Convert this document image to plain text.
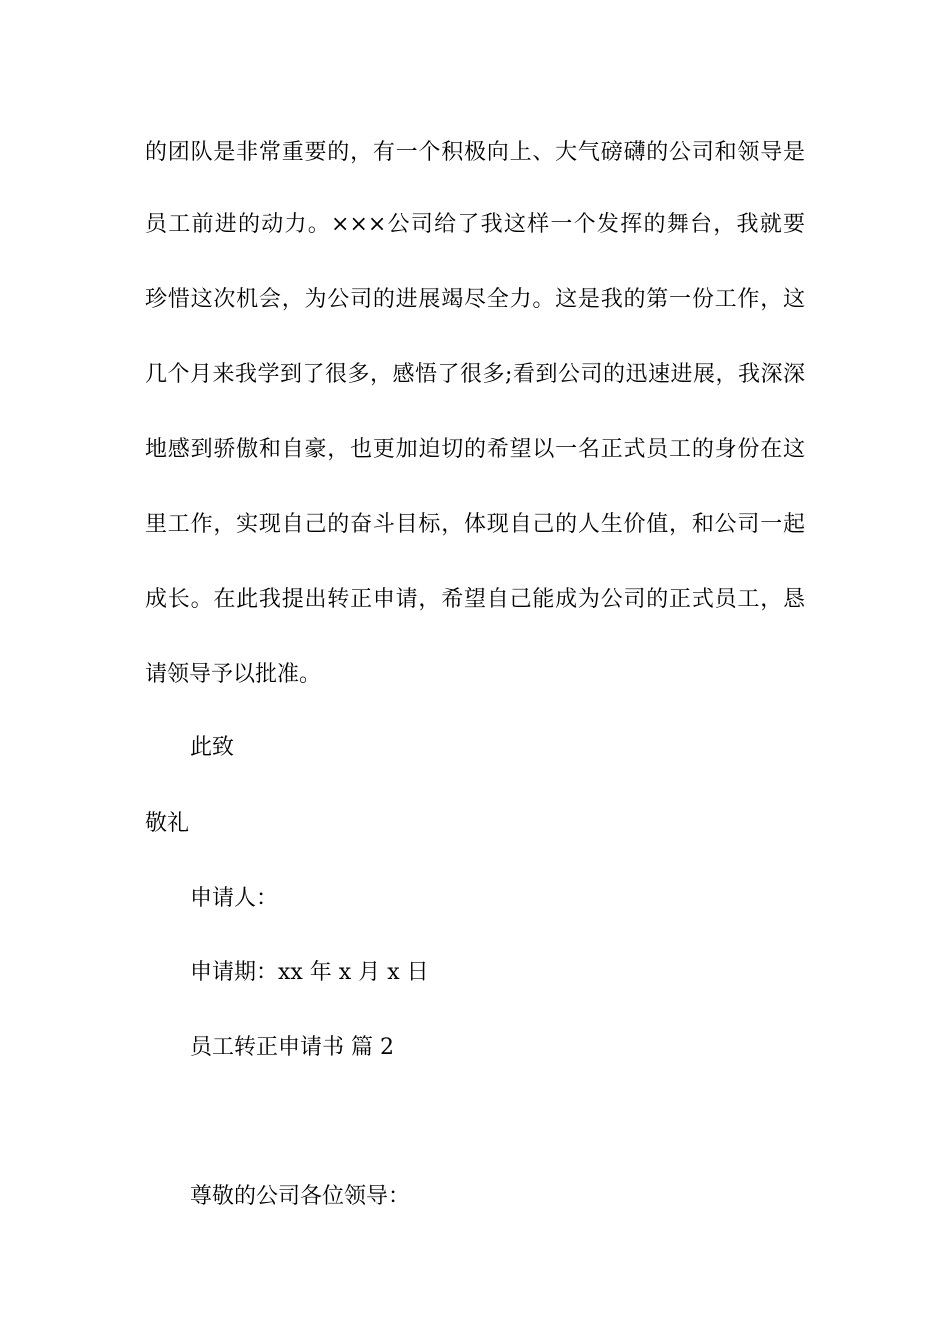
的团队是非常重要的，有一个积极向上、大气磅礴的公司和领导是
员工前进的动力。×××公司给了我这样一个发挥的舞台，我就要
珍惜这次机会，为公司的进展竭尽全力。这是我的第一份工作，这
几个月来我学到了很多，感悟了很多;看到公司的迅速进展，我深深
地感到骄傲和自豪，也更加迫切的希望以一名正式员工的身份在这
里工作，实现自己的奋斗目标，体现自己的人生价值，和公司一起
成长。在此我提出转正申请，希望自己能成为公司的正式员工，恳
请领导予以批准。
此致
敬礼
申请人：
申请期：xx 年 x 月 x 日
员工转正申请书 篇 2
尊敬的公司各位领导：
